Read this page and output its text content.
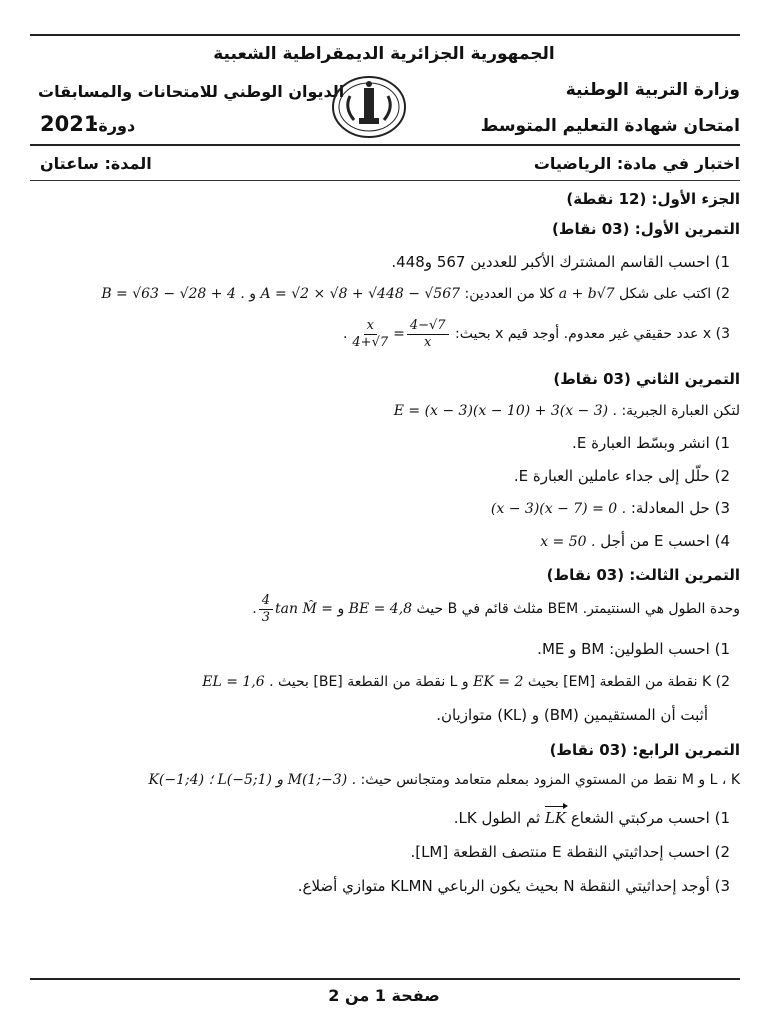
الجمهورية الجزائرية الديمقراطية الشعبية
وزارة التربية الوطنية
الديوان الوطني للامتحانات والمسابقات
امتحان شهادة التعليم المتوسط
2021
دورة:
اختبار في مادة: الرياضيات
المدة: ساعتان
الجزء الأول: (12 نقطة)
التمرين الأول: (03 نقاط)
1) احسب القاسم المشترك الأكبر للعددين 567 و448.
2) اكتب على شكل a + b√7 كلا من العددين: A = √2 × √8 + √448 − √567 و B = √63 − √28 + 4 .
3) x عدد حقيقي غير معدوم. أوجد قيم x بحيث:
$\frac{4-√7}{x}$
=
$\frac{x}{4+√7}$
.
التمرين الثاني (03 نقاط)
لتكن العبارة الجبرية: E = (x − 3)(x − 10) + 3(x − 3) .
1) انشر وبسّط العبارة E.
2) حلّل إلى جداء عاملين العبارة E.
3) حل المعادلة: (x − 3)(x − 7) = 0 .
4) احسب E من أجل x = 50 .
التمرين الثالث: (03 نقاط)
وحدة الطول هي السنتيمتر. BEM مثلث قائم في B حيث BE = 4,8 و tan M̂ =
$\frac{4}{3}$
.
1) احسب الطولين: BM و ME.
2) K نقطة من القطعة [EM] بحيث EK = 2 و L نقطة من القطعة [BE] بحيث EL = 1,6 .
أثبت أن المستقيمين (BM) و (KL) متوازيان.
التمرين الرابع: (03 نقاط)
L ، K و M نقط من المستوي المزود بمعلم متعامد ومتجانس حيث: K(−1;4) ؛ L(−5;1) و M(1;−3) .
1) احسب مركبتي الشعاع LK ثم الطول LK.
2) احسب إحداثيتي النقطة E منتصف القطعة [LM].
3) أوجد إحداثيتي النقطة N بحيث يكون الرباعي KLMN متوازي أضلاع.
صفحة 1 من 2
